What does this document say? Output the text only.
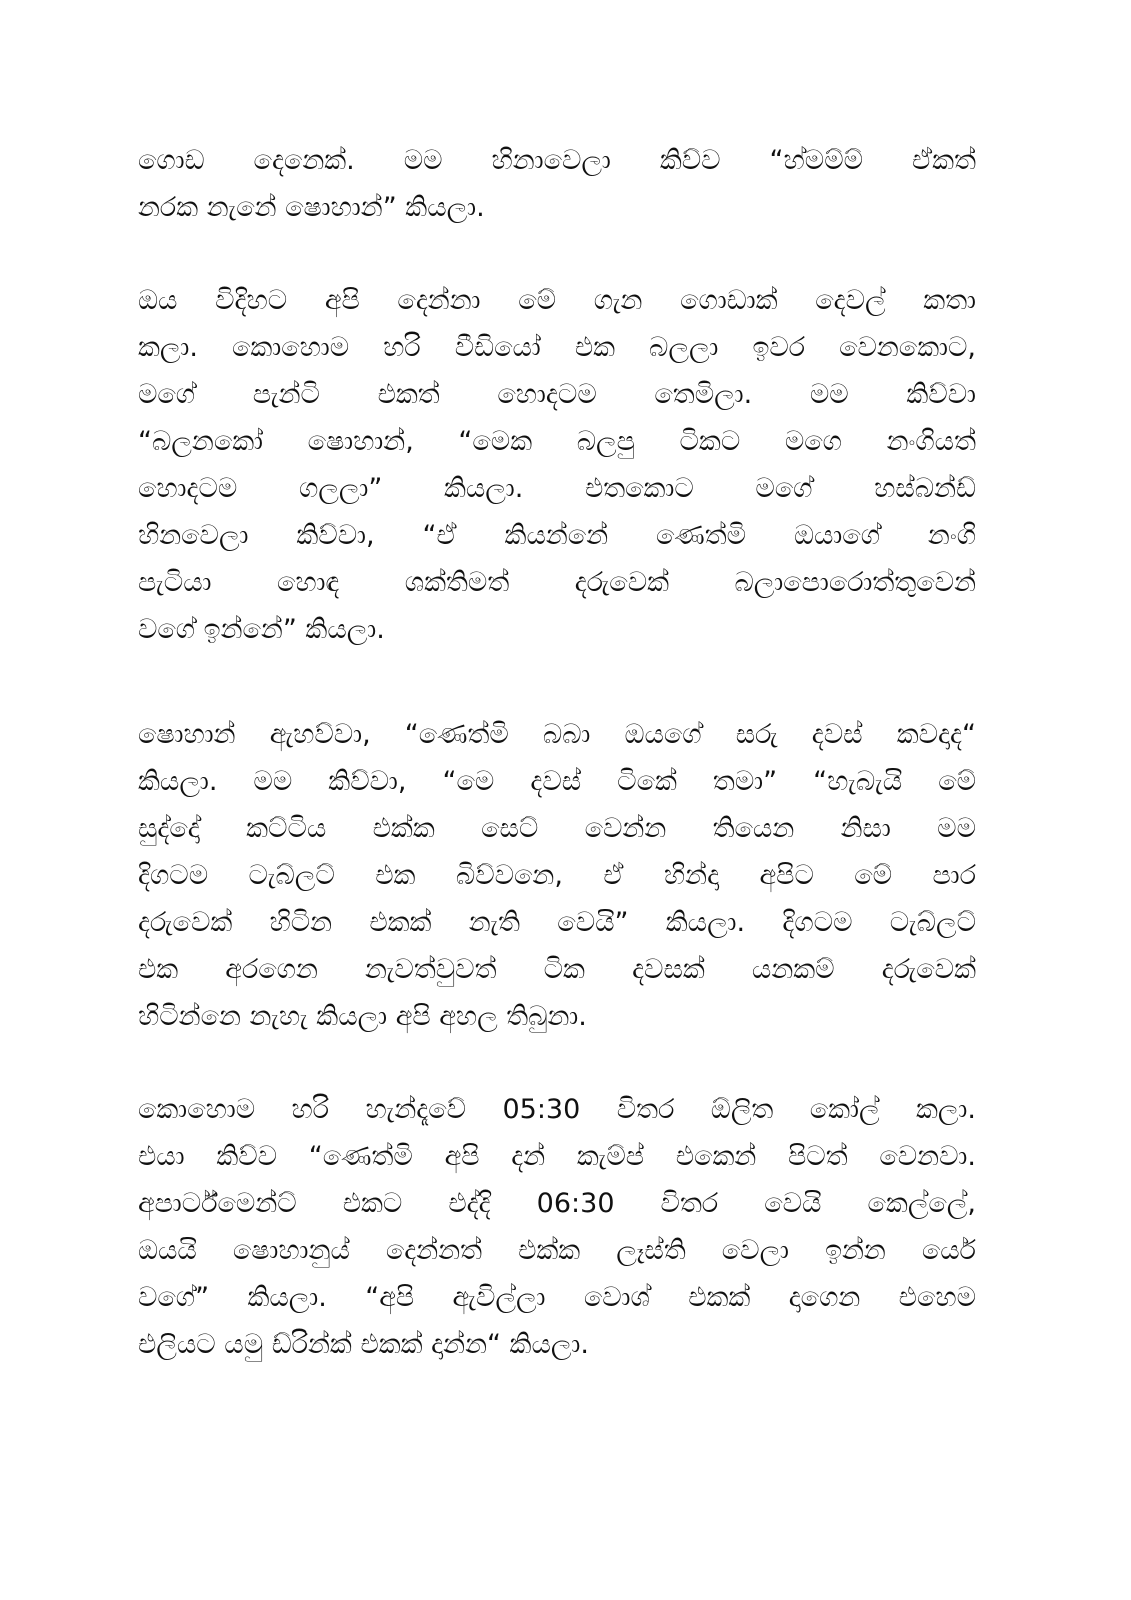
ගොඩ දෙනෙක්. මම හිනාවෙලා කිව්ව “හ්මම්ම් ඒකත්
නරක නැනේ ෂොහාන්” කියලා.

ඔය විදිහට අපි දෙන්නා මේ ගැන ගොඩාක් දෙවල් කතා
කලා. කොහොම හරි වීඩියෝ එක බලලා ඉවර වෙනකොට,
මගේ පැන්ටි එකත් හොදටම තෙමිලා. මම කිව්වා
“බලනකෝ ෂොහාන්, “මෙක බලපු ටිකට මගෙ නංගියත්
හොදටම ගලලා” කියලා. එතකොට මගේ හස්බන්ඩ්
හිනවෙලා කිව්වා, “ඒ කියන්නේ ණෙත්මි ඔයාගේ නංගි
පැටියා හොඳ ශක්තිමත් දරුවෙක් බලාපොරොත්තුවෙන්
වගේ ඉන්නේ” කියලා.

ෂොහාන් ඇහව්වා, “ණෙත්මි බබා ඔයගේ සරු දවස් කවදාද“
කියලා. මම කිව්වා, “මෙ දවස් ටිකේ තමා” “හැබැයි මේ
සුද්දෝ කට්ටිය එක්ක සෙට් වෙන්න තියෙන නිසා මම
දිගටම ටැබ්ලට් එක බිව්වනෙ, ඒ හින්දා අපිට මේ පාර
දරුවෙක් හිටින එකක් නැති වෙයි” කියලා. දිගටම ටැබ්ලට්
එක අරගෙන නැවත්වුවත් ටික දවසක් යනකම් දරුවෙක්
හිටින්නෙ නැහැ කියලා අපි අහල තිබුනා.

කොහොම හරි හැන්දෑවේ 05:30 විතර ඕලිත කෝල් කලා.
එයා කිව්ව “ණෙත්මි අපි දන් කැම්ප් එකෙන් පිටත් වෙනවා.
අපාර්ට්මෙන්ට් එකට එද්දි 06:30 විතර වෙයි කෙල්ලේ,
ඔයයි ෂොහානුය් දෙන්නත් එක්ක ලෑස්ති වෙලා ඉන්න ර්යෙ
වගේ” කියලා. “අපි ඇවිල්ලා වොශ් එකක් දාගෙන එහෙම
එලියට යමු ඩ්රින්ක් එකක් දාන්න“ කියලා.
